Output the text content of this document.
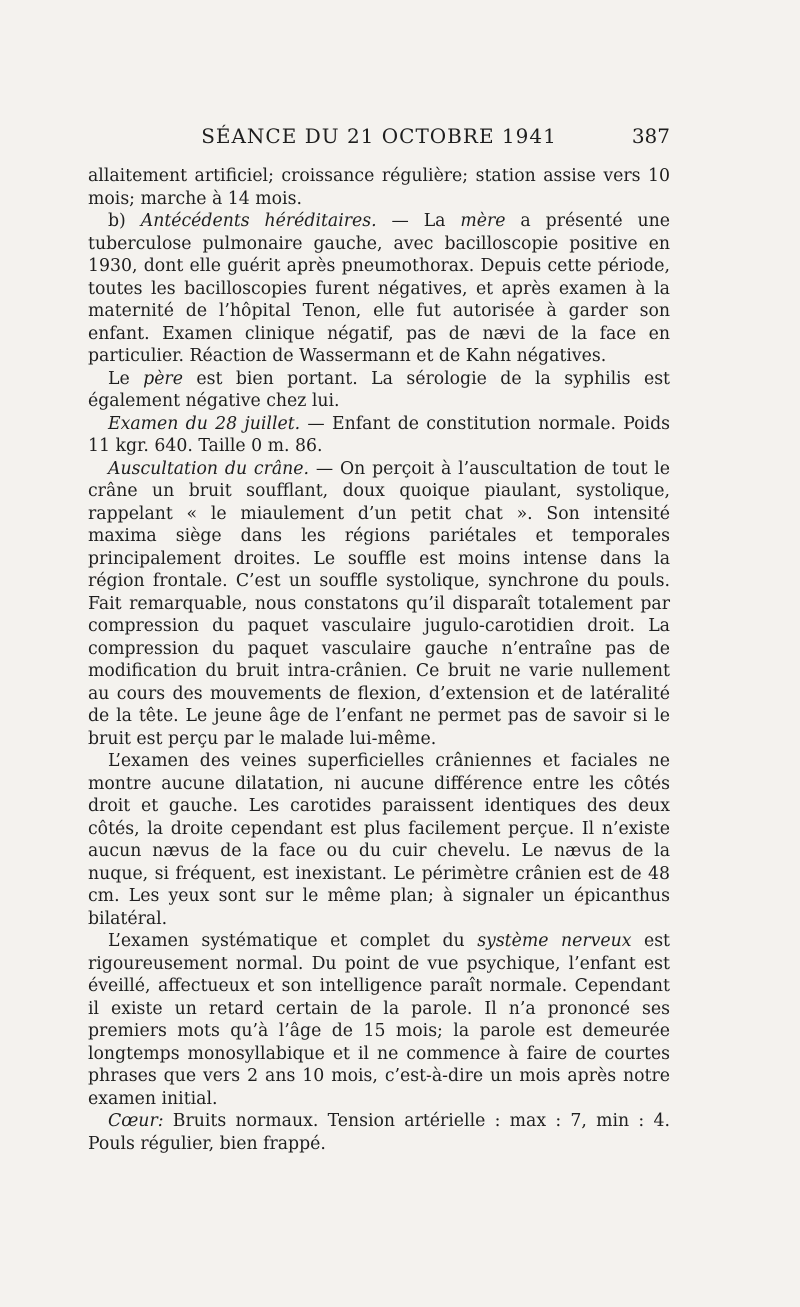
SÉANCE DU 21 OCTOBRE 1941	387

allaitement artificiel; croissance régulière; station assise vers 10 mois; marche à 14 mois.

b) Antécédents héréditaires. — La mère a présenté une tuberculose pulmonaire gauche, avec bacilloscopie positive en 1930, dont elle guérit après pneumothorax. Depuis cette période, toutes les bacilloscopies furent négatives, et après examen à la maternité de l’hôpital Tenon, elle fut autorisée à garder son enfant. Examen clinique négatif, pas de nævi de la face en particulier. Réaction de Wassermann et de Kahn négatives.

Le père est bien portant. La sérologie de la syphilis est également négative chez lui.

Examen du 28 juillet. — Enfant de constitution normale. Poids 11 kgr. 640. Taille 0 m. 86.

Auscultation du crâne. — On perçoit à l’auscultation de tout le crâne un bruit soufflant, doux quoique piaulant, systolique, rappelant « le miaulement d’un petit chat ». Son intensité maxima siège dans les régions pariétales et temporales principalement droites. Le souffle est moins intense dans la région frontale. C’est un souffle systolique, synchrone du pouls. Fait remarquable, nous constatons qu’il disparaît totalement par compression du paquet vasculaire jugulo-carotidien droit. La compression du paquet vasculaire gauche n’entraîne pas de modification du bruit intra-crânien. Ce bruit ne varie nullement au cours des mouvements de flexion, d’extension et de latéralité de la tête. Le jeune âge de l’enfant ne permet pas de savoir si le bruit est perçu par le malade lui-même.

L’examen des veines superficielles crâniennes et faciales ne montre aucune dilatation, ni aucune différence entre les côtés droit et gauche. Les carotides paraissent identiques des deux côtés, la droite cependant est plus facilement perçue. Il n’existe aucun nævus de la face ou du cuir chevelu. Le nævus de la nuque, si fréquent, est inexistant. Le périmètre crânien est de 48 cm. Les yeux sont sur le même plan; à signaler un épicanthus bilatéral.

L’examen systématique et complet du système nerveux est rigoureusement normal. Du point de vue psychique, l’enfant est éveillé, affectueux et son intelligence paraît normale. Cependant il existe un retard certain de la parole. Il n’a prononcé ses premiers mots qu’à l’âge de 15 mois; la parole est demeurée longtemps monosyllabique et il ne commence à faire de courtes phrases que vers 2 ans 10 mois, c’est-à-dire un mois après notre examen initial.

Cœur: Bruits normaux. Tension artérielle : max : 7, min : 4. Pouls régulier, bien frappé.
